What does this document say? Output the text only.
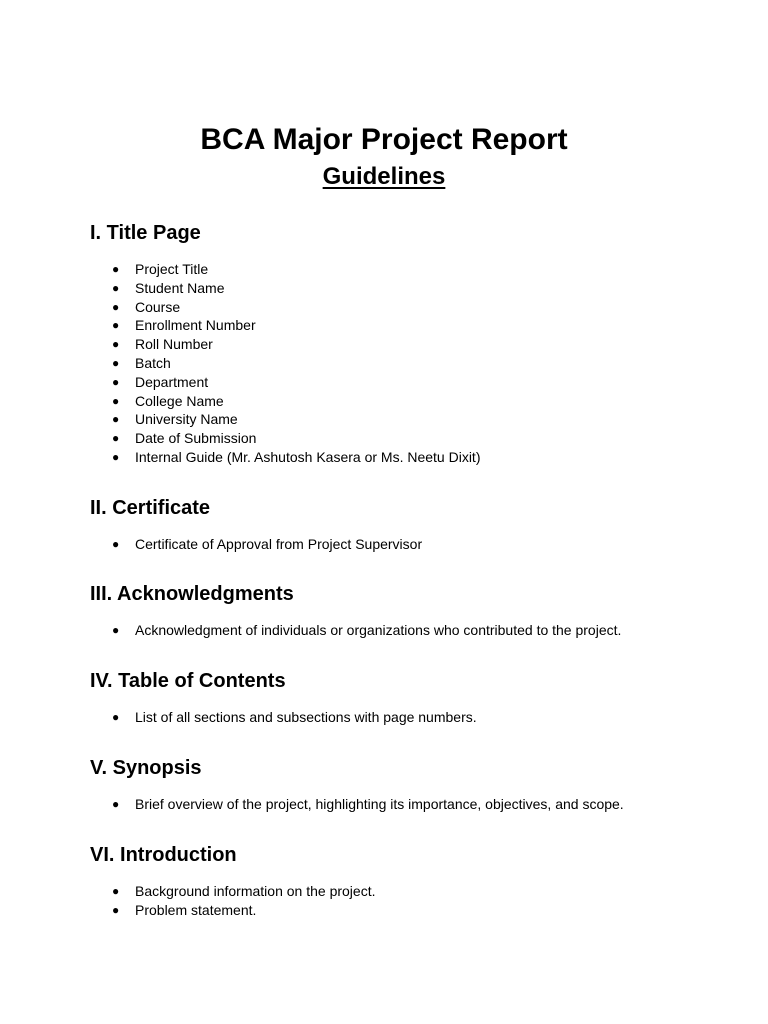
BCA Major Project Report
Guidelines
I. Title Page
● Project Title
● Student Name
● Course
● Enrollment Number
● Roll Number
● Batch
● Department
● College Name
● University Name
● Date of Submission
● Internal Guide (Mr. Ashutosh Kasera or Ms. Neetu Dixit)
II. Certificate
● Certificate of Approval from Project Supervisor
III. Acknowledgments
● Acknowledgment of individuals or organizations who contributed to the project.
IV. Table of Contents
● List of all sections and subsections with page numbers.
V. Synopsis
● Brief overview of the project, highlighting its importance, objectives, and scope.
VI. Introduction
● Background information on the project.
● Problem statement.
